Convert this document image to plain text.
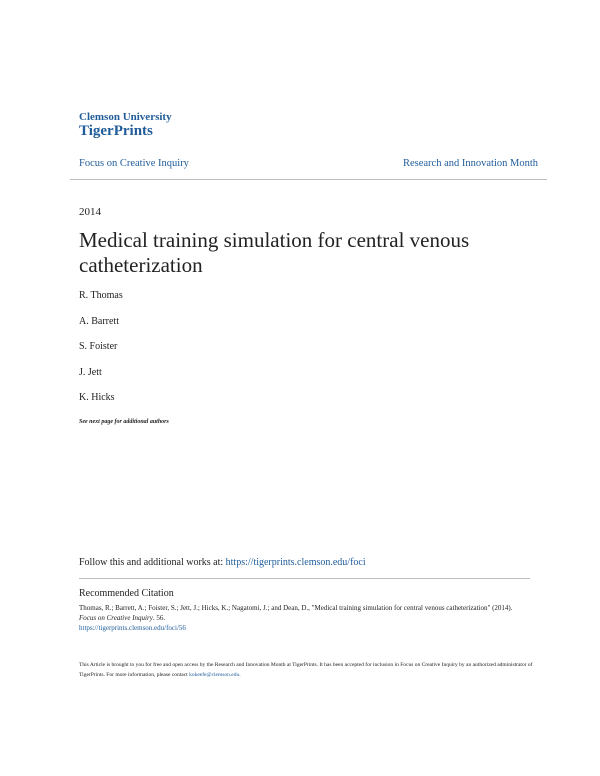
Clemson University
TigerPrints
Focus on Creative Inquiry	Research and Innovation Month
2014
Medical training simulation for central venous catheterization
R. Thomas
A. Barrett
S. Foister
J. Jett
K. Hicks
See next page for additional authors
Follow this and additional works at: https://tigerprints.clemson.edu/foci
Recommended Citation
Thomas, R.; Barrett, A.; Foister, S.; Jett, J.; Hicks, K.; Nagatomi, J.; and Dean, D., "Medical training simulation for central venous catheterization" (2014). Focus on Creative Inquiry. 56.
https://tigerprints.clemson.edu/foci/56
This Article is brought to you for free and open access by the Research and Innovation Month at TigerPrints. It has been accepted for inclusion in Focus on Creative Inquiry by an authorized administrator of TigerPrints. For more information, please contact kokeefe@clemson.edu.
